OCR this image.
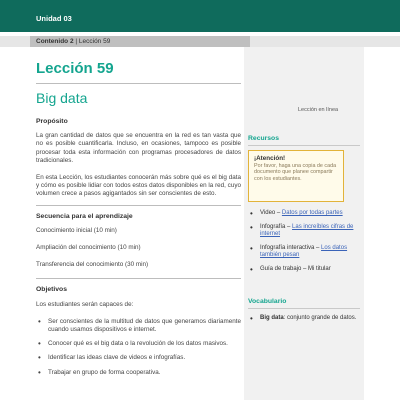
Unidad 03
Contenido 2 | Lección 59
Lección 59
Big data
Lección en línea
Propósito

La gran cantidad de datos que se encuentra en la red es tan vasta que no es posible cuantificarla. Incluso, en ocasiones, tampoco es posible procesar toda esta información con programas procesadores de datos tradicionales.

En esta Lección, los estudiantes conocerán más sobre qué es el big data y cómo es posible lidiar con todos estos datos disponibles en la red, cuyo volumen crece a pasos agigantados sin ser conscientes de esto.

Secuencia para el aprendizaje

Conocimiento inicial (10 min)

Ampliación del conocimiento (10 min)

Transferencia del conocimiento (30 min)

Objetivos

Los estudiantes serán capaces de:

• Ser conscientes de la multitud de datos que generamos diariamente cuando usamos dispositivos e internet.
• Conocer qué es el big data o la revolución de los datos masivos.
• Identificar las ideas clave de videos e infografías.
• Trabajar en grupo de forma cooperativa.
Recursos
¡Atención!
Por favor, haga una copia de cada documento que planee compartir con los estudiantes.
• Video – Datos por todas partes
• Infografía – Las increíbles cifras de internet
• Infografía interactiva – Los datos también pesan
• Guía de trabajo – Mi titular
Vocabulario
• Big data: conjunto grande de datos.
